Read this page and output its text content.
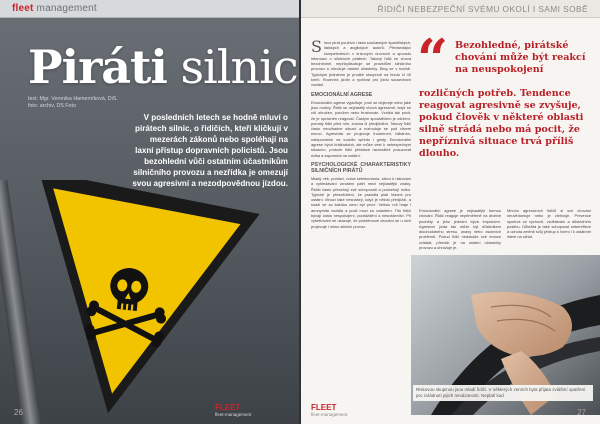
fleet management
Piráti silnic
text: Mgr. Veronika Hamerníková, DiS.
foto: archiv, DS Foto
V posledních letech se hodně mluví o pirátech silnic, o řidičích, kteří kličkují v mezerách zákonů nebo spoléhají na laxní přístup dopravních policistů. Jsou bezohlední vůči ostatním účastníkům silničního provozu a nezřídka je omezují svou agresivní a nezodpovědnou jízdou.
26
FLEET
fleet-management
ŘIDIČI NEBEZPEČNÍ SVÉMU OKOLÍ I SAMI SOBĚ

Slovo pirát používá i řada současných španělských, italských a anglických autorů. Předsedající kompetentních v krizových úrovních a spoustu informací o silničních pirátech. Takový řidič se chová bezohledně, nepřizpůsobuje se pravidlům silničního provozu a ohrožuje ostatní účastníky. Blog se v hodně. Typickým jednáním je prudké stoupnutí na brzdu či 40 km/h. Rozevírá jízdní a rychlost pro jízdu sousedních vozidel.

EMOCIONÁLNÍ AGRESE

Emocionální agrese vyjadřuje, proč se objevuje nebo jaké jsou motivy. Řidič se nejčastěji chová agresivně, když se cítí ohrožen, ponížen nebo frustrován. Vzniká tak pocit, že je oprávněn reagovat. Častým spouštěčem je zdržení, pomalý řidič před ním, kolona či předjíždění. Takový řidič často neodhadne situaci a rozhoduje se pod vlivem emocí. Agresivita se projevuje troubením, blikáním, nalepováním na vozidlo vpředu i gesty. Emocionální agrese bývá krátkodobá, ale může vést k nebezpečným situacím, protože řidič přestává racionálně posuzovat rizika a zapomíná na ostatní.

PSYCHOLOGICKÉ CHARAKTERISTIKY SILNIČNÍCH PIRÁTŮ

Mladý věk, pohlaví, nízká sebekontrola, sklon k riskování a vyhledávání vzrušení patří mezi nejčastější znaky. Řidiči často přeceňují své schopnosti a podceňují riziko. Typické je přesvědčení, že pravidla platí hlavně pro ostatní. Mnozí také nesnášejí, když je někdo předjíždí, a snaží se za každou cenu být první. Velkou roli hraje i anonymita vozidla a pocit moci za volantem. Tito řidiči bývají často nespokojení, podráždění a nesnášenliví. Při vyšetřování se ukazuje, že problémové chování se u nich projevuje i mimo silniční provoz.

“ Bezohledné, pirátské chování může být reakcí na neuspokojení
rozličných potřeb. Tendence reagovat agresivně se zvyšuje, pokud člověk v některé oblasti silně strádá nebo má pocit, že nepříznivá situace trvá příliš dlouho.

Emocionální agrese je nejčastější formou chování. Řidič reaguje nepřiměřeně na drobné podněty a jeho jednání bývá impulzivní. Agresivní jízda tak může být důsledkem dlouhodobého stresu, únavy nebo osobních problémů. Pokud řidič nedokáže své emoce zvládat, přenáší je na ostatní účastníky provozu a ohrožuje je.

Mnoho agresivních řidičů si své chování neuvědomuje nebo je zlehčuje. Prevence spočívá ve výchově, vzdělávání a důsledném postihu. Důležitá je také schopnost sebereflexe a ochota změnit svůj přístup k řízení i k ostatním lidem na silnici.

Riskovou skupinou jsou mladí řidiči. V některých zemích byla přijata zvláštní opatření pro zvládnutí jejich nevázanosti. Neplatí kad
FLEET
fleet-management	27
